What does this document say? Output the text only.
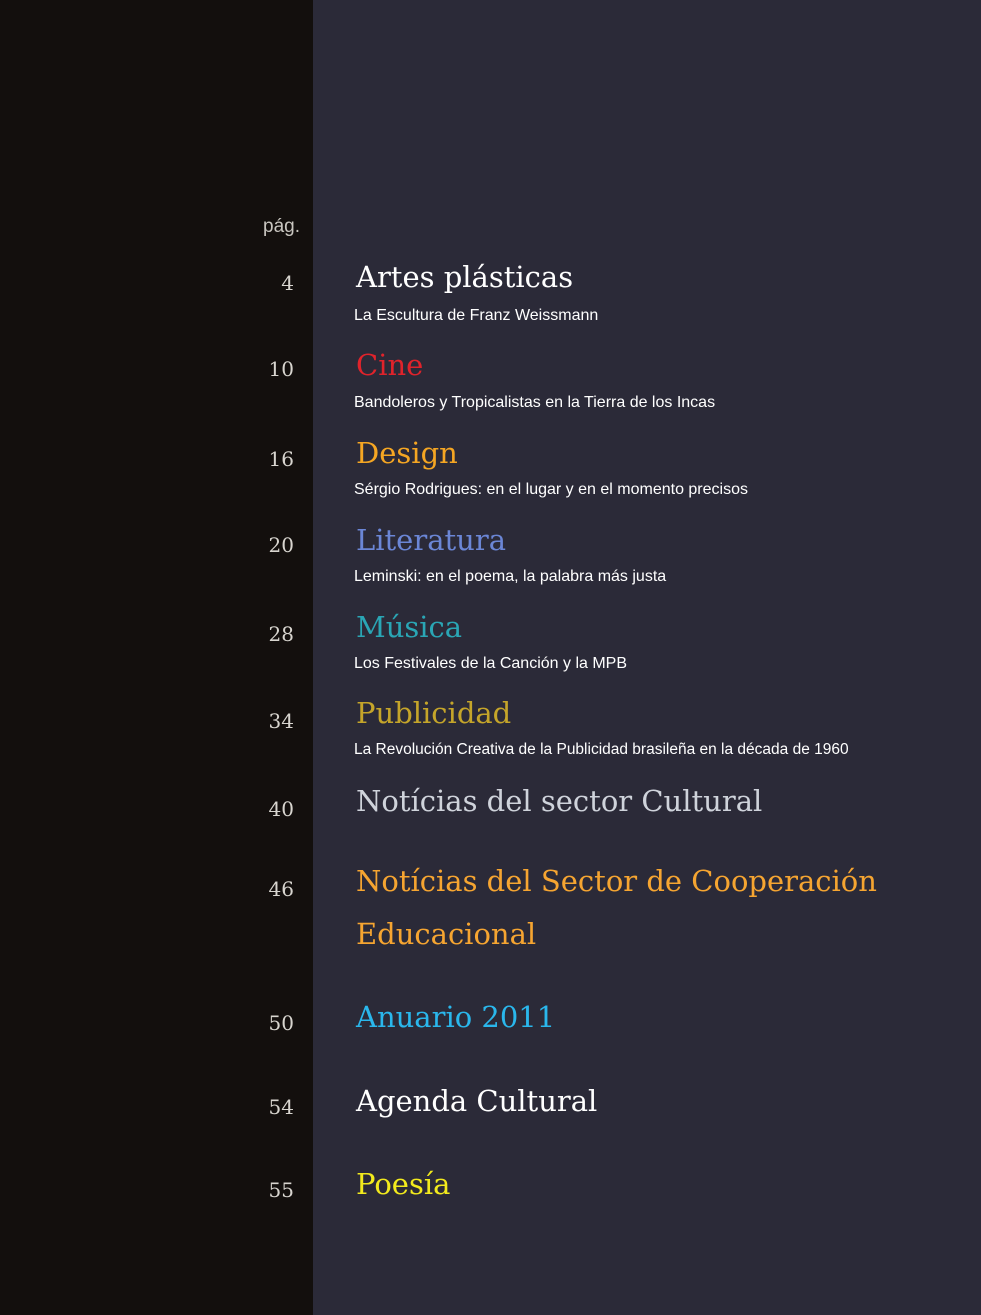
pág.
4 Artes plásticas
La Escultura de Franz Weissmann
10 Cine
Bandoleros y Tropicalistas en la Tierra de los Incas
16 Design
Sérgio Rodrigues: en el lugar y en el momento precisos
20 Literatura
Leminski: en el poema, la palabra más justa
28 Música
Los Festivales de la Canción y la MPB
34 Publicidad
La Revolución Creativa de la Publicidad brasileña en la década de 1960
40 Notícias del sector Cultural
46 Notícias del Sector de Cooperación
Educacional
50 Anuario 2011
54 Agenda Cultural
55 Poesía
